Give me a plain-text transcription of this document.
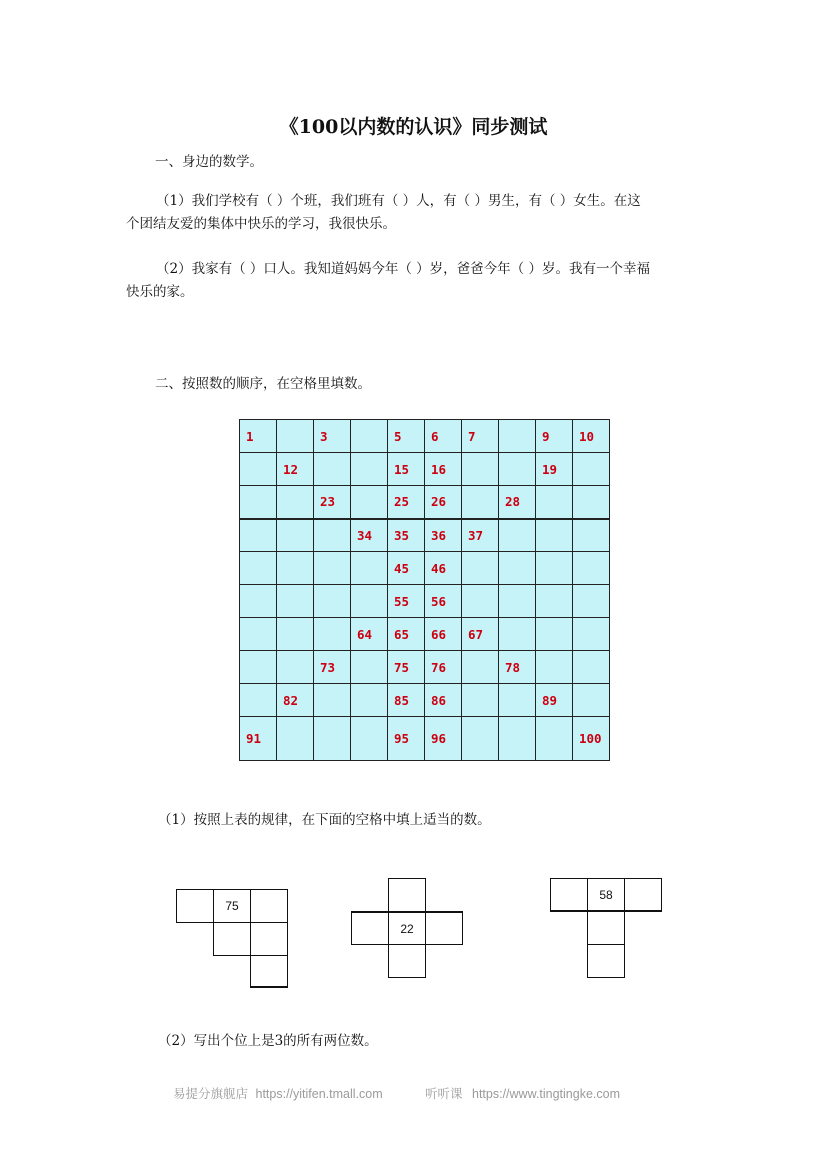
《100以内数的认识》同步测试
一、身边的数学。
（1）我们学校有（ ）个班，我们班有（ ）人，有（ ）男生，有（ ）女生。在这
个团结友爱的集体中快乐的学习，我很快乐。
（2）我家有（ ）口人。我知道妈妈今年（ ）岁，爸爸今年（ ）岁。我有一个幸福
快乐的家。
二、按照数的顺序，在空格里填数。
1		3		5	6	7		9	10
	12			15	16			19	
		23		25	26		28		
			34	35	36	37			
				45	46				
				55	56				
			64	65	66	67			
		73		75	76		78		
	82			85	86			89	
91				95	96				100
（1）按照上表的规律，在下面的空格中填上适当的数。
75
22
58
（2）写出个位上是3的所有两位数。
易提分旗舰店 https://yitifen.tmall.com	听听课 https://www.tingtingke.com
